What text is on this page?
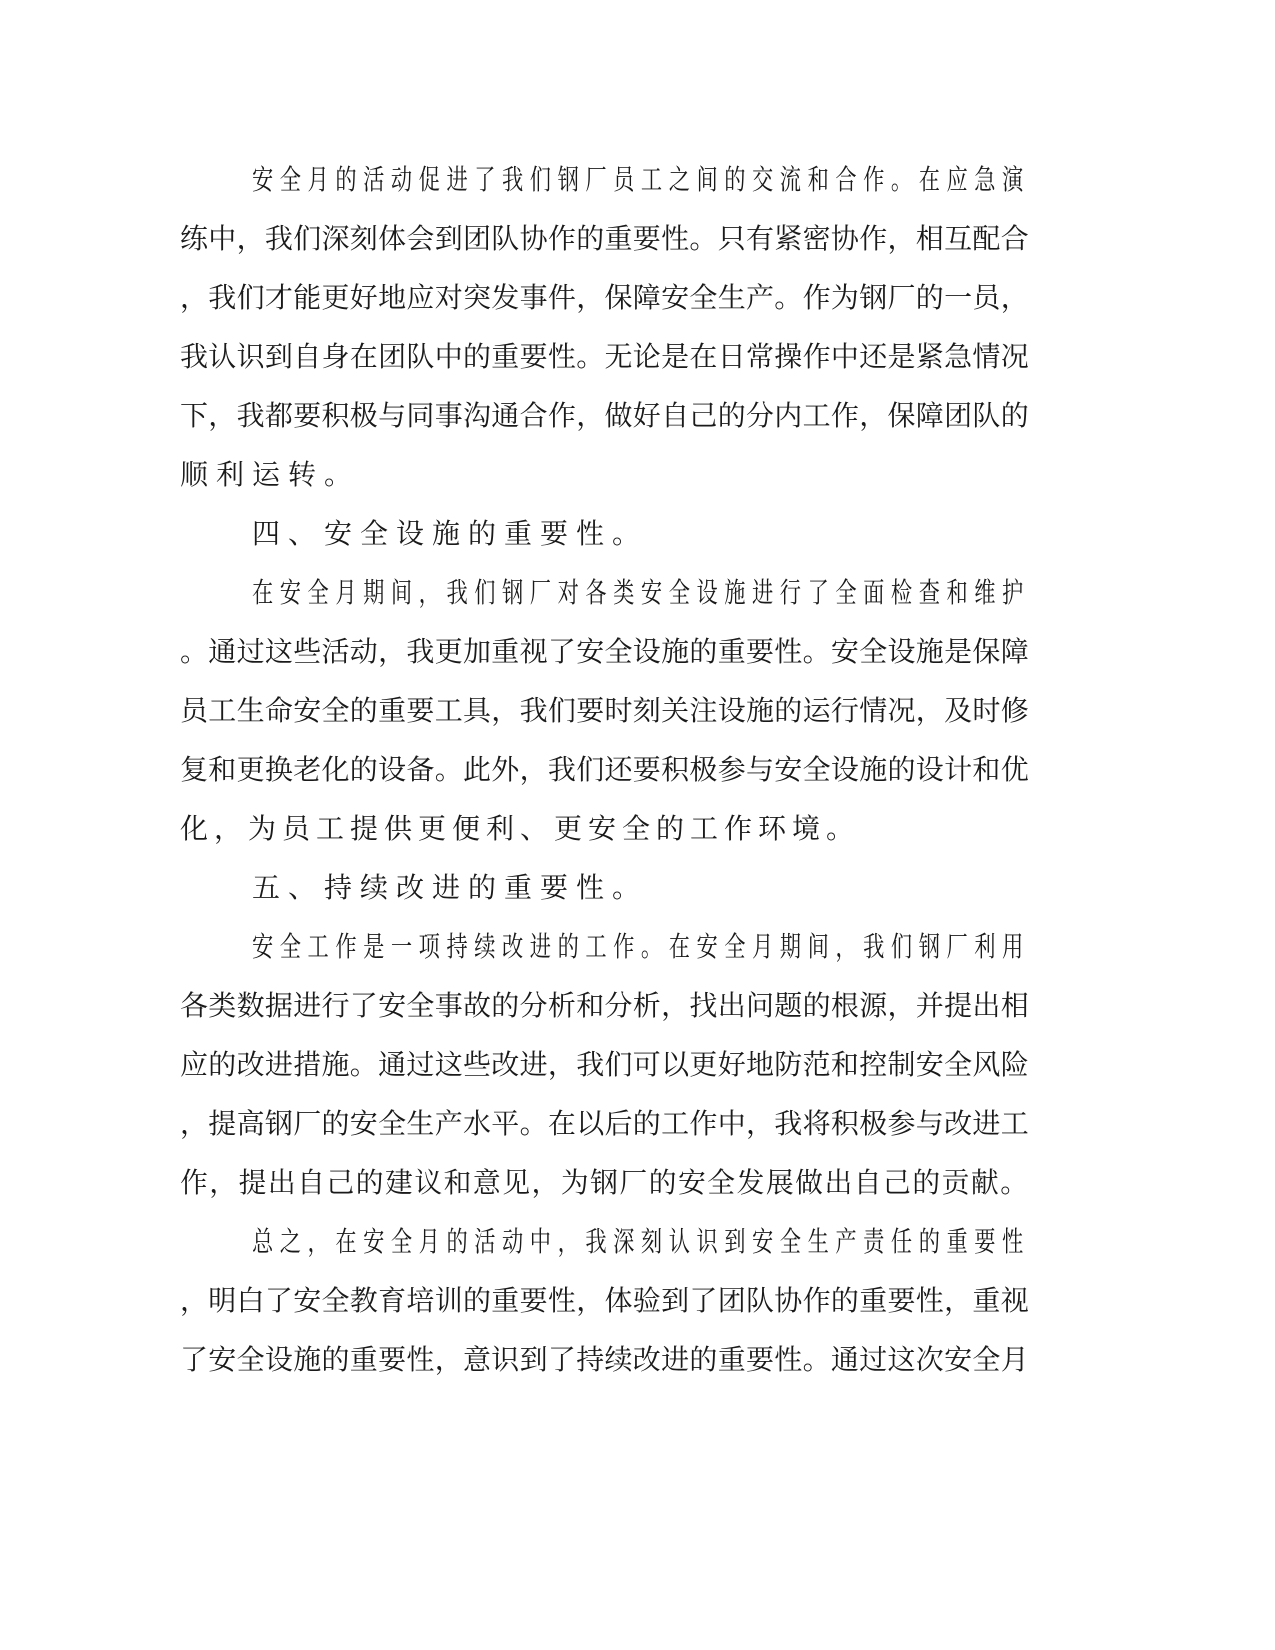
安全月的活动促进了我们钢厂员工之间的交流和合作。在应急演

练中，我们深刻体会到团队协作的重要性。只有紧密协作，相互配合

，我们才能更好地应对突发事件，保障安全生产。作为钢厂的一员，

我认识到自身在团队中的重要性。无论是在日常操作中还是紧急情况

下，我都要积极与同事沟通合作，做好自己的分内工作，保障团队的

顺利运转。

四、安全设施的重要性。

在安全月期间，我们钢厂对各类安全设施进行了全面检查和维护

。通过这些活动，我更加重视了安全设施的重要性。安全设施是保障

员工生命安全的重要工具，我们要时刻关注设施的运行情况，及时修

复和更换老化的设备。此外，我们还要积极参与安全设施的设计和优

化，为员工提供更便利、更安全的工作环境。

五、持续改进的重要性。

安全工作是一项持续改进的工作。在安全月期间，我们钢厂利用

各类数据进行了安全事故的分析和分析，找出问题的根源，并提出相

应的改进措施。通过这些改进，我们可以更好地防范和控制安全风险

，提高钢厂的安全生产水平。在以后的工作中，我将积极参与改进工

作，提出自己的建议和意见，为钢厂的安全发展做出自己的贡献。

总之，在安全月的活动中，我深刻认识到安全生产责任的重要性

，明白了安全教育培训的重要性，体验到了团队协作的重要性，重视

了安全设施的重要性，意识到了持续改进的重要性。通过这次安全月
